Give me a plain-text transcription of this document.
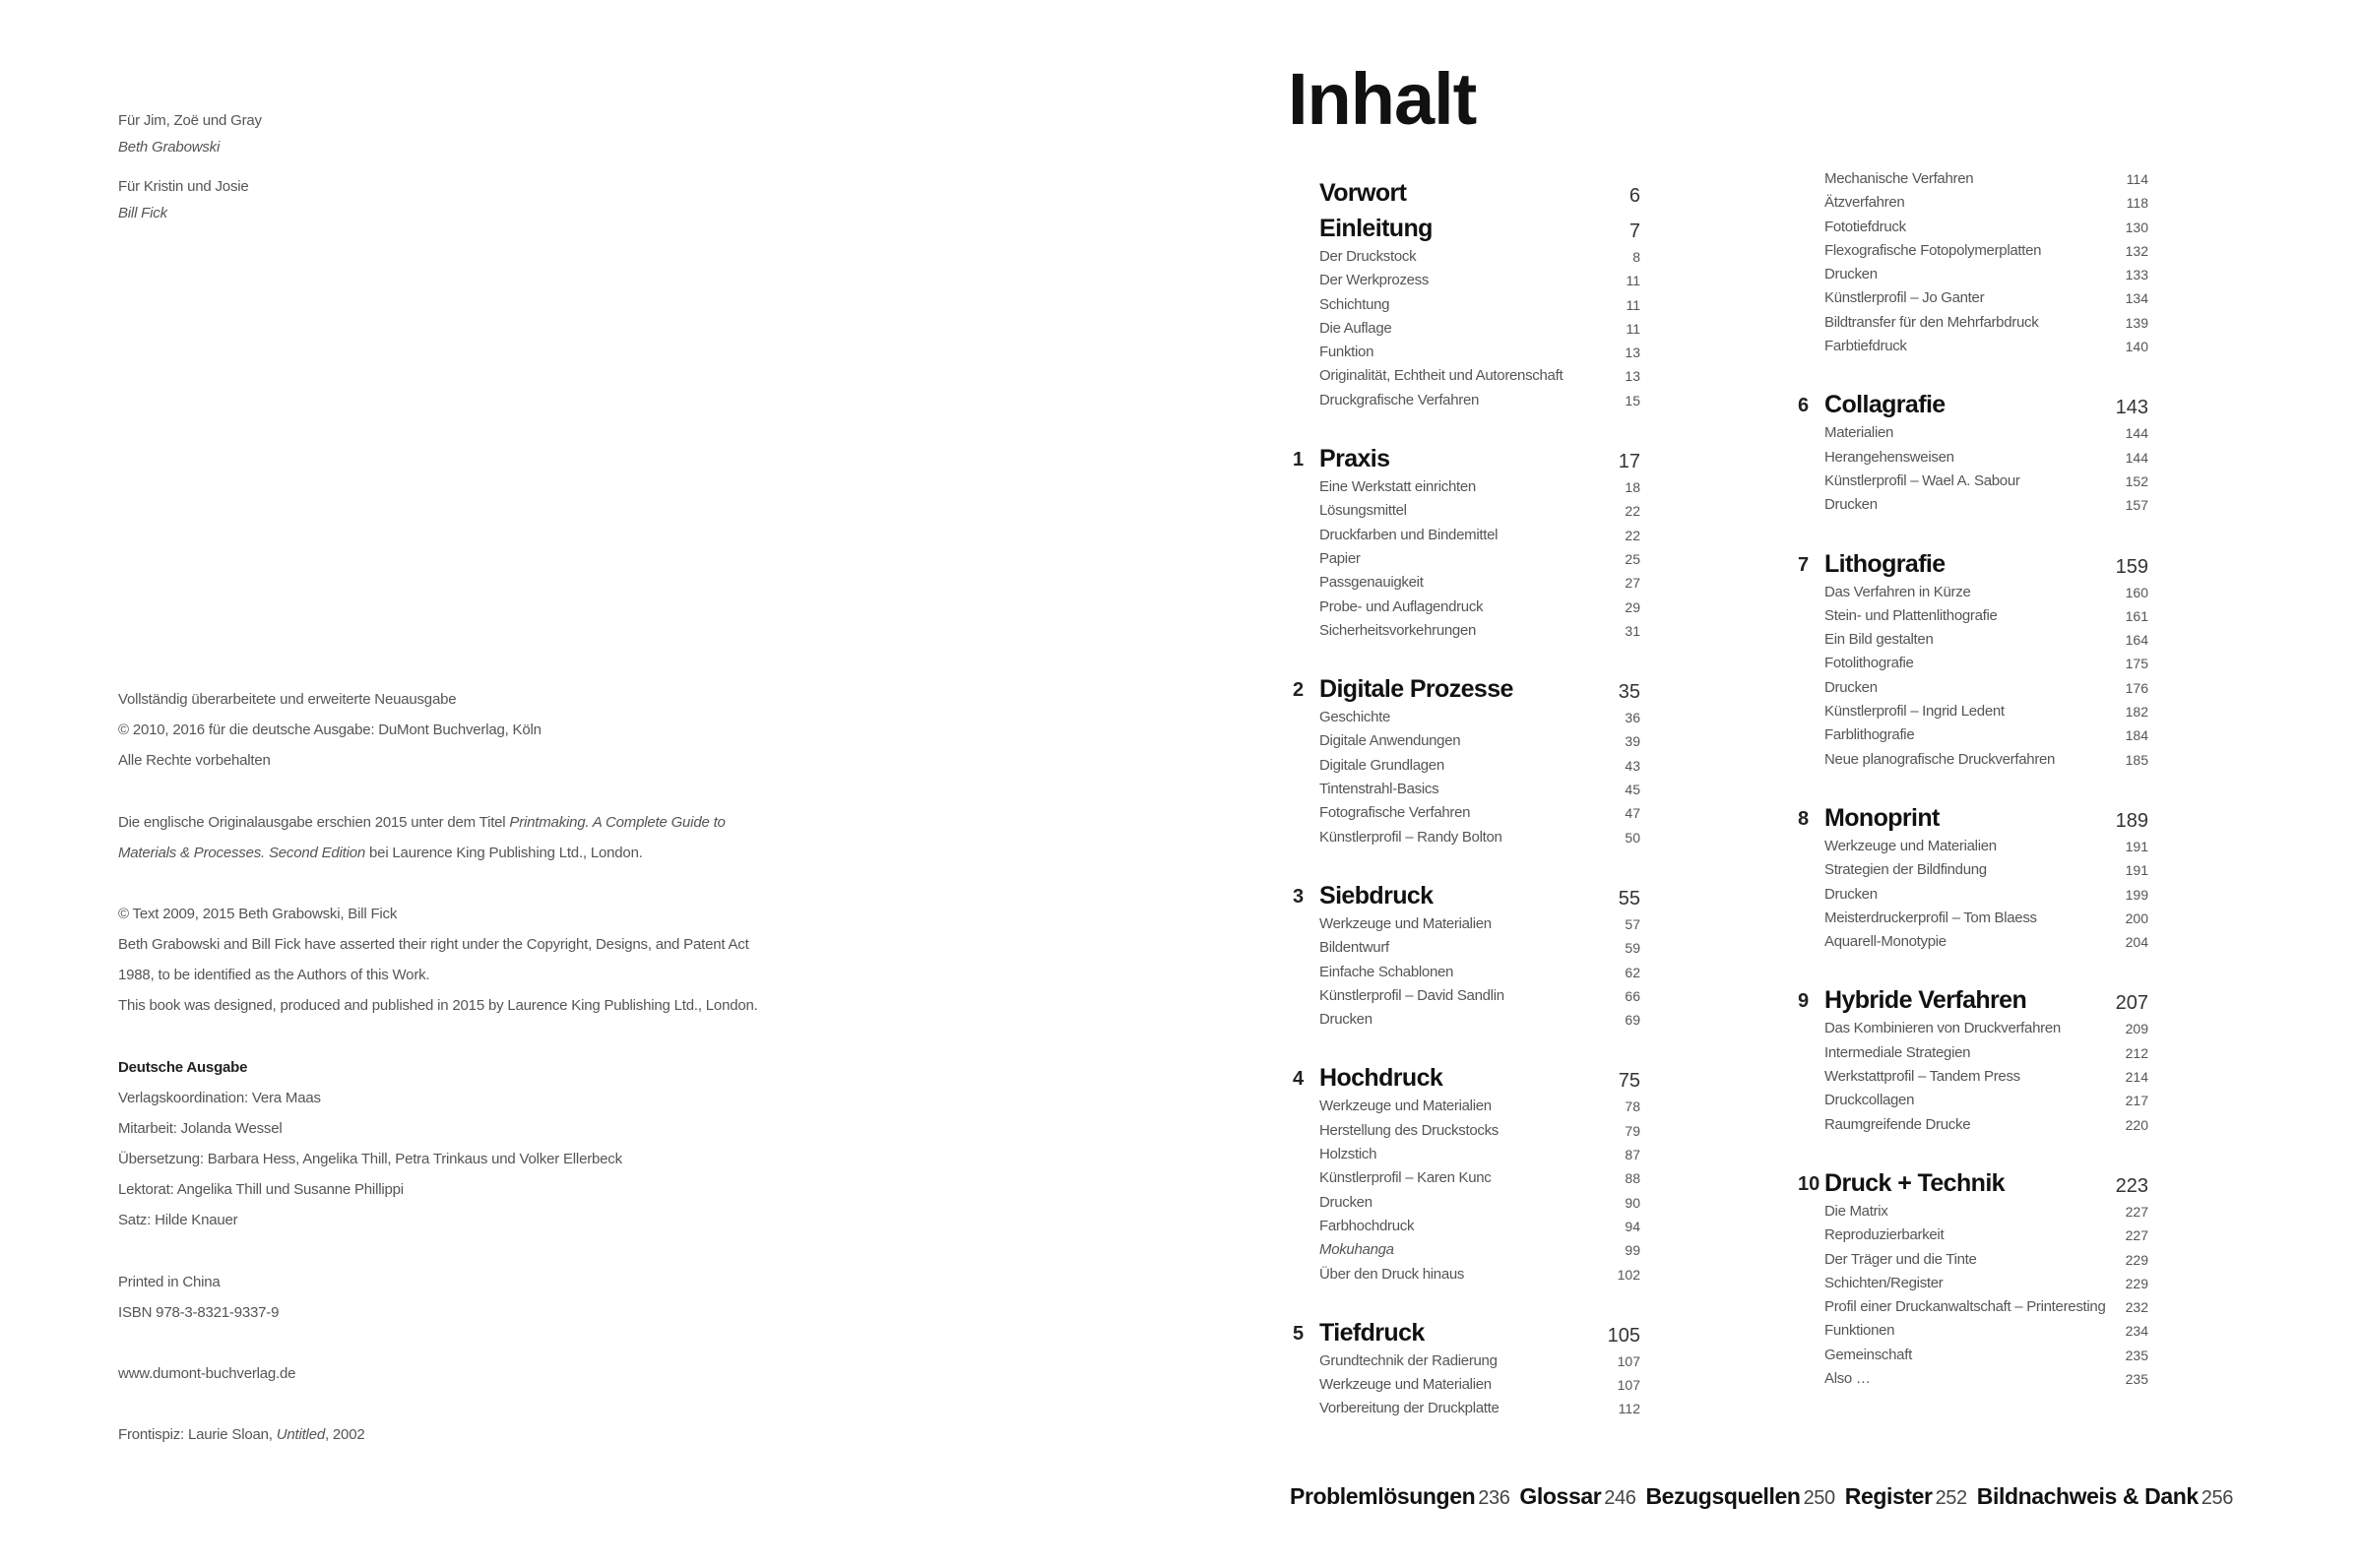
Für Jim, Zoë und Gray
Beth Grabowski
Für Kristin und Josie
Bill Fick
Vollständig überarbeitete und erweiterte Neuausgabe
© 2010, 2016 für die deutsche Ausgabe: DuMont Buchverlag, Köln
Alle Rechte vorbehalten
Die englische Originalausgabe erschien 2015 unter dem Titel Printmaking. A Complete Guide to
Materials & Processes. Second Edition bei Laurence King Publishing Ltd., London.
© Text 2009, 2015 Beth Grabowski, Bill Fick
Beth Grabowski and Bill Fick have asserted their right under the Copyright, Designs, and Patent Act
1988, to be identified as the Authors of this Work.
This book was designed, produced and published in 2015 by Laurence King Publishing Ltd., London.
Deutsche Ausgabe
Verlagskoordination: Vera Maas
Mitarbeit: Jolanda Wessel
Übersetzung: Barbara Hess, Angelika Thill, Petra Trinkaus und Volker Ellerbeck
Lektorat: Angelika Thill und Susanne Phillippi
Satz: Hilde Knauer
Printed in China
ISBN 978-3-8321-9337-9
www.dumont-buchverlag.de
Frontispiz: Laurie Sloan, Untitled, 2002
Inhalt
Vorwort	6
Einleitung	7
Der Druckstock	8
Der Werkprozess	11
Schichtung	11
Die Auflage	11
Funktion	13
Originalität, Echtheit und Autorenschaft	13
Druckgrafische Verfahren	15
1 Praxis	17
Eine Werkstatt einrichten	18
Lösungsmittel	22
Druckfarben und Bindemittel	22
Papier	25
Passgenauigkeit	27
Probe- und Auflagendruck	29
Sicherheitsvorkehrungen	31
2 Digitale Prozesse	35
Geschichte	36
Digitale Anwendungen	39
Digitale Grundlagen	43
Tintenstrahl-Basics	45
Fotografische Verfahren	47
Künstlerprofil – Randy Bolton	50
3 Siebdruck	55
Werkzeuge und Materialien	57
Bildentwurf	59
Einfache Schablonen	62
Künstlerprofil – David Sandlin	66
Drucken	69
4 Hochdruck	75
Werkzeuge und Materialien	78
Herstellung des Druckstocks	79
Holzstich	87
Künstlerprofil – Karen Kunc	88
Drucken	90
Farbhochdruck	94
Mokuhanga	99
Über den Druck hinaus	102
5 Tiefdruck	105
Grundtechnik der Radierung	107
Werkzeuge und Materialien	107
Vorbereitung der Druckplatte	112
Mechanische Verfahren	114
Ätzverfahren	118
Fototiefdruck	130
Flexografische Fotopolymerplatten	132
Drucken	133
Künstlerprofil – Jo Ganter	134
Bildtransfer für den Mehrfarbdruck	139
Farbtiefdruck	140
6 Collagrafie	143
Materialien	144
Herangehensweisen	144
Künstlerprofil – Wael A. Sabour	152
Drucken	157
7 Lithografie	159
Das Verfahren in Kürze	160
Stein- und Plattenlithografie	161
Ein Bild gestalten	164
Fotolithografie	175
Drucken	176
Künstlerprofil – Ingrid Ledent	182
Farblithografie	184
Neue planografische Druckverfahren	185
8 Monoprint	189
Werkzeuge und Materialien	191
Strategien der Bildfindung	191
Drucken	199
Meisterdruckerprofil – Tom Blaess	200
Aquarell-Monotypie	204
9 Hybride Verfahren	207
Das Kombinieren von Druckverfahren	209
Intermediale Strategien	212
Werkstattprofil – Tandem Press	214
Druckcollagen	217
Raumgreifende Drucke	220
10 Druck + Technik	223
Die Matrix	227
Reproduzierbarkeit	227
Der Träger und die Tinte	229
Schichten/Register	229
Profil einer Druckanwaltschaft – Printeresting 232
Funktionen	234
Gemeinschaft	235
Also …	235
Problemlösungen 236 Glossar 246 Bezugsquellen 250 Register 252 Bildnachweis & Dank 256
